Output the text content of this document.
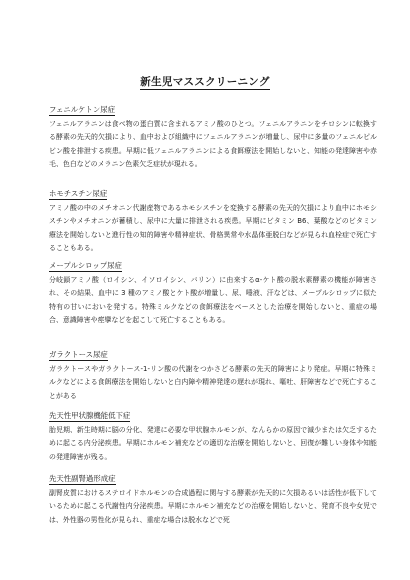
新生児マススクリーニング
フェニルケトン尿症
フェニルアラニンは食べ物の蛋白質に含まれるアミノ酸のひとつ。フェニルアラニンをチロシンに転換する酵素の先天的欠損により、血中および組織中にフェニルアラニンが増量し、尿中に多量のフェニルピルビン酸を排泄する疾患。早期に低フェニルアラニンによる食餌療法を開始しないと、知能の発達障害や赤毛、色白などのメラニン色素欠乏症状が現れる。
ホモチスチン尿症
アミノ酸の中のメチオニン代謝産物であるホモシスチンを変換する酵素の先天的欠損により血中にホモシスチンやメチオニンが蓄積し、尿中に大量に排泄される疾患。早期にビタミン B6、葉酸などのビタミン療法を開始しないと進行性の知的障害や精神症状、骨格異常や水晶体亜脱臼などが見られ血栓症で死亡することもある。
メープルシロップ尿症
分岐鎖アミノ酸（ロイシン、イソロイシン、バリン）に由来するα-ケト酸の脱水素酵素の機能が障害され、その結果、血中に 3 種のアミノ酸とケト酸が増量し、尿、唾液、汗などは、メープルシロップに似た特有の甘いにおいを発する。特殊ミルクなどの食餌療法をベースとした治療を開始しないと、重症の場合、意識障害や痙攣などを起こして死亡することもある。
ガラクトース尿症
ガラクトースやガラクトース-1-リン酸の代謝をつかさどる酵素の先天的障害により発症。早期に特殊ミルクなどによる食餌療法を開始しないと白内障や精神発達の遅れが現れ、嘔吐、肝障害などで死亡することがある
先天性甲状腺機能低下症
胎児期、新生時期に脳の分化、発達に必要な甲状腺ホルモンが、なんらかの原因で減少または欠乏するために起こる内分泌疾患。早期にホルモン補充などの適切な治療を開始しないと、回復が難しい身体や知能の発達障害が残る。
先天性副腎過形成症
副腎皮質におけるステロイドホルモンの合成過程に関与する酵素が先天的に欠損あるいは活性が低下しているために起こる代謝性内分泌疾患。早期にホルモン補充などの治療を開始しないと、発育不良や女児では、外性器の男性化が見られ、重症な場合は脱水などで死
